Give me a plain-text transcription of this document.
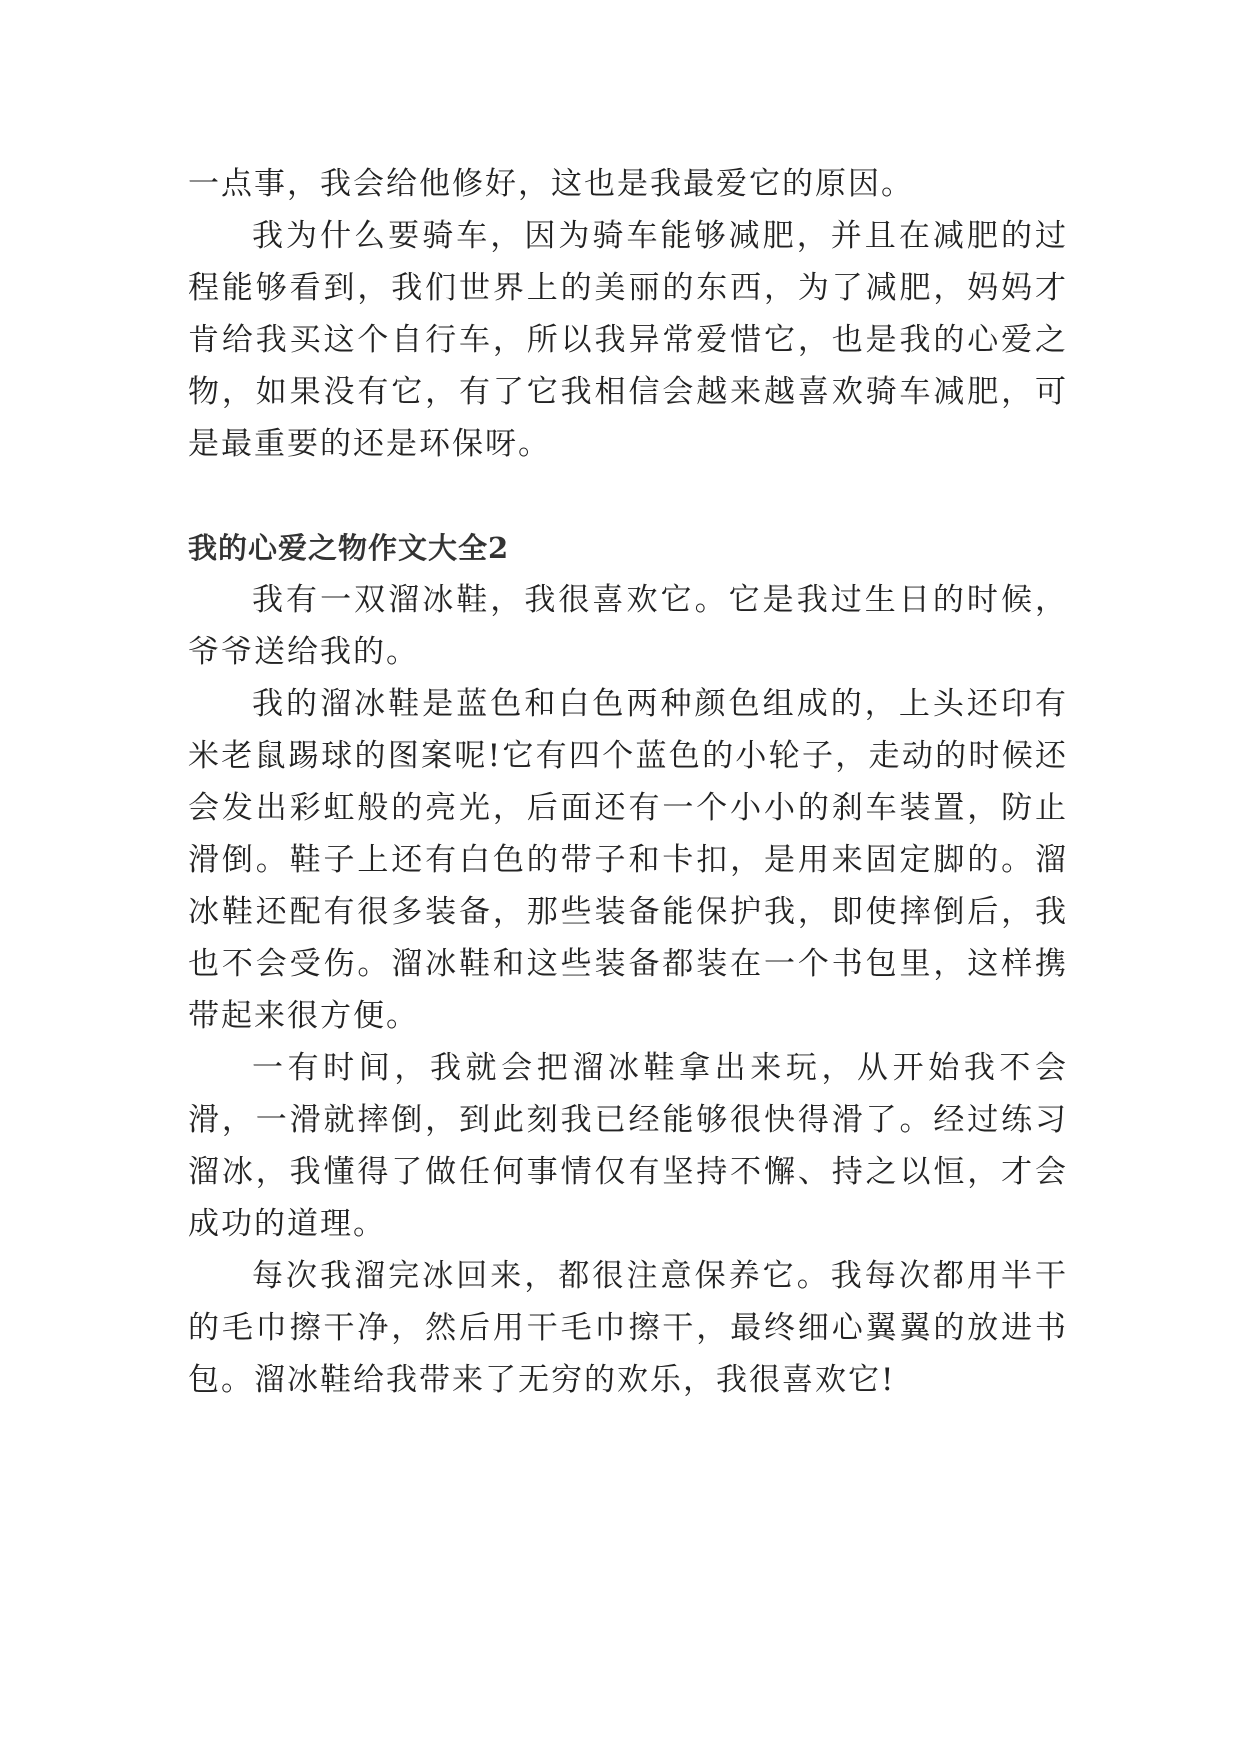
一点事，我会给他修好，这也是我最爱它的原因。

我为什么要骑车，因为骑车能够减肥，并且在减肥的过程能够看到，我们世界上的美丽的东西，为了减肥，妈妈才肯给我买这个自行车，所以我异常爱惜它，也是我的心爱之物，如果没有它，有了它我相信会越来越喜欢骑车减肥，可是最重要的还是环保呀。

我的心爱之物作文大全2

我有一双溜冰鞋，我很喜欢它。它是我过生日的时候，爷爷送给我的。

我的溜冰鞋是蓝色和白色两种颜色组成的，上头还印有米老鼠踢球的图案呢!它有四个蓝色的小轮子，走动的时候还会发出彩虹般的亮光，后面还有一个小小的刹车装置，防止滑倒。鞋子上还有白色的带子和卡扣，是用来固定脚的。溜冰鞋还配有很多装备，那些装备能保护我，即使摔倒后，我也不会受伤。溜冰鞋和这些装备都装在一个书包里，这样携带起来很方便。

一有时间，我就会把溜冰鞋拿出来玩，从开始我不会滑，一滑就摔倒，到此刻我已经能够很快得滑了。经过练习溜冰，我懂得了做任何事情仅有坚持不懈、持之以恒，才会成功的道理。

每次我溜完冰回来，都很注意保养它。我每次都用半干的毛巾擦干净，然后用干毛巾擦干，最终细心翼翼的放进书包。溜冰鞋给我带来了无穷的欢乐，我很喜欢它!
